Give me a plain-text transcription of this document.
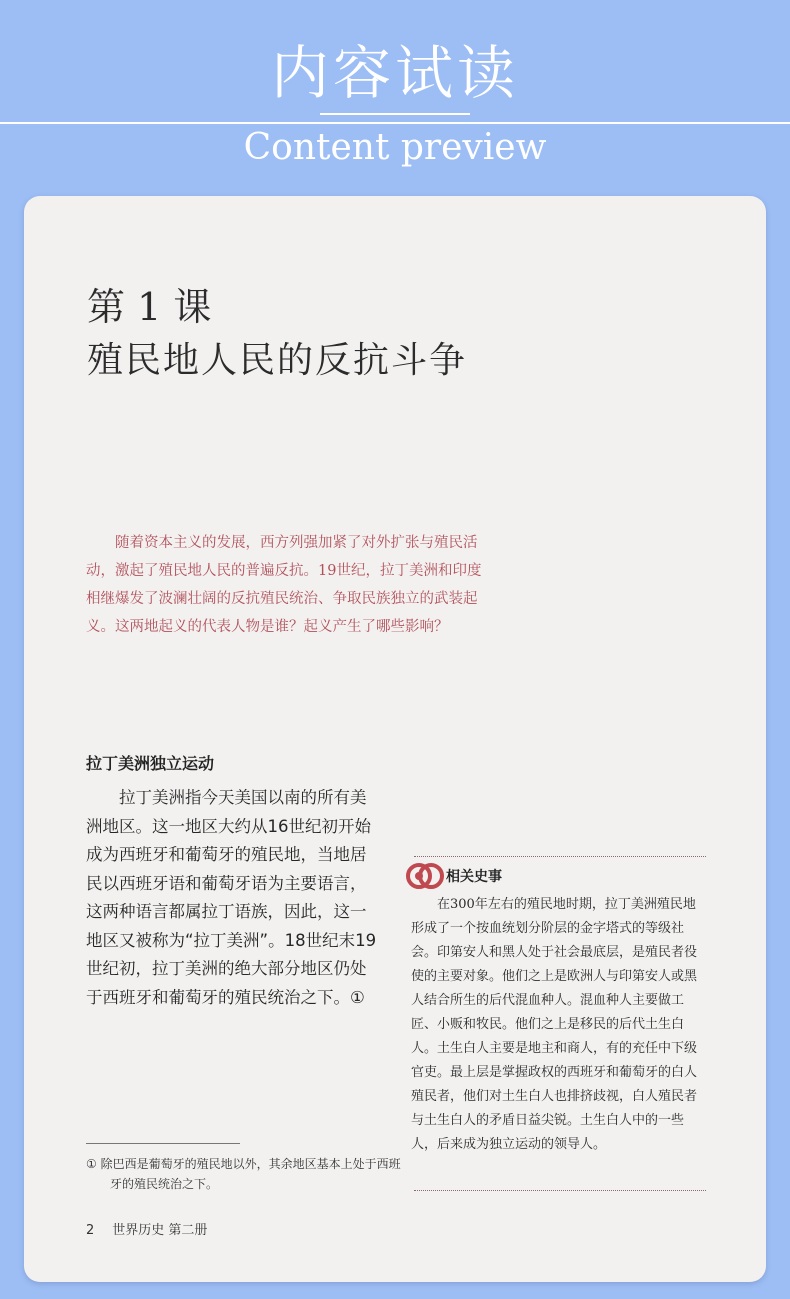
内容试读
Content preview
第 1 课
殖民地人民的反抗斗争

随着资本主义的发展，西方列强加紧了对外扩张与殖民活动，激起了殖民地人民的普遍反抗。19世纪，拉丁美洲和印度相继爆发了波澜壮阔的反抗殖民统治、争取民族独立的武装起义。这两地起义的代表人物是谁？起义产生了哪些影响？

拉丁美洲独立运动

拉丁美洲指今天美国以南的所有美洲地区。这一地区大约从16世纪初开始成为西班牙和葡萄牙的殖民地，当地居民以西班牙语和葡萄牙语为主要语言，这两种语言都属拉丁语族，因此，这一地区又被称为“拉丁美洲”。18世纪末19世纪初，拉丁美洲的绝大部分地区仍处于西班牙和葡萄牙的殖民统治之下。①

① 除巴西是葡萄牙的殖民地以外，其余地区基本上处于西班牙的殖民统治之下。

相关史事

在300年左右的殖民地时期，拉丁美洲殖民地形成了一个按血统划分阶层的金字塔式的等级社会。印第安人和黑人处于社会最底层，是殖民者役使的主要对象。他们之上是欧洲人与印第安人或黑人结合所生的后代混血种人。混血种人主要做工匠、小贩和牧民。他们之上是移民的后代土生白人。土生白人主要是地主和商人，有的充任中下级官吏。最上层是掌握政权的西班牙和葡萄牙的白人殖民者，他们对土生白人也排挤歧视，白人殖民者与土生白人的矛盾日益尖锐。土生白人中的一些人，后来成为独立运动的领导人。

2 世界历史 第二册
